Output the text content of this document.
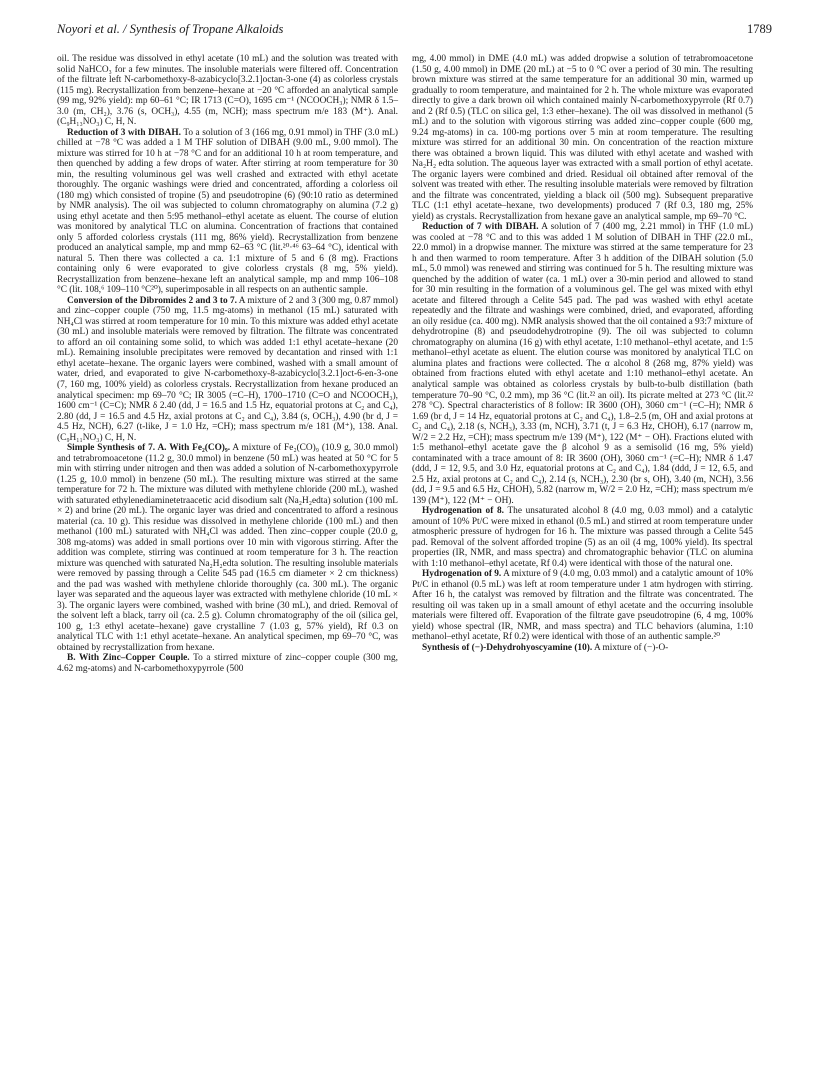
Noyori et al. / Synthesis of Tropane Alkaloids	1789

oil. The residue was dissolved in ethyl acetate (10 mL) and the solution was treated with solid NaHCO₃ for a few minutes. The insoluble materials were filtered off. Concentration of the filtrate left N-carbomethoxy-8-azabicyclo[3.2.1]octan-3-one (4) as colorless crystals (115 mg). Recrystallization from benzene–hexane at −20 °C afforded an analytical sample (99 mg, 92% yield): mp 60–61 °C; IR 1713 (C=O), 1695 cm⁻¹ (NCOOCH₃); NMR δ 1.5–3.0 (m, CH₂), 3.76 (s, OCH₃), 4.55 (m, NCH); mass spectrum m/e 183 (M⁺). Anal. (C₉H₁₃NO₃) C, H, N.

Reduction of 3 with DIBAH. To a solution of 3 (166 mg, 0.91 mmol) in THF (3.0 mL) chilled at −78 °C was added a 1 M THF solution of DIBAH (9.00 mL, 9.00 mmol). The mixture was stirred for 10 h at −78 °C and for an additional 10 h at room temperature, and then quenched by adding a few drops of water. After stirring at room temperature for 30 min, the resulting voluminous gel was well crashed and extracted with ethyl acetate thoroughly. The organic washings were dried and concentrated, affording a colorless oil (180 mg) which consisted of tropine (5) and pseudotropine (6) (90:10 ratio as determined by NMR analysis). The oil was subjected to column chromatography on alumina (7.2 g) using ethyl acetate and then 5:95 methanol–ethyl acetate as eluent. The course of elution was monitored by analytical TLC on alumina. Concentration of fractions that contained only 5 afforded colorless crystals (111 mg, 86% yield). Recrystallization from benzene produced an analytical sample, mp and mmp 62–63 °C (lit.²⁰·⁴⁶ 63–64 °C), identical with natural 5. Then there was collected a ca. 1:1 mixture of 5 and 6 (8 mg). Fractions containing only 6 were evaporated to give colorless crystals (8 mg, 5% yield). Recrystallization from benzene–hexane left an analytical sample, mp and mmp 106–108 °C (lit. 108,⁶ 109–110 °C²⁰), superimposable in all respects on an authentic sample.

Conversion of the Dibromides 2 and 3 to 7. A mixture of 2 and 3 (300 mg, 0.87 mmol) and zinc–copper couple (750 mg, 11.5 mg-atoms) in methanol (15 mL) saturated with NH₄Cl was stirred at room temperature for 10 min. To this mixture was added ethyl acetate (30 mL) and insoluble materials were removed by filtration. The filtrate was concentrated to afford an oil containing some solid, to which was added 1:1 ethyl acetate–hexane (20 mL). Remaining insoluble precipitates were removed by decantation and rinsed with 1:1 ethyl acetate–hexane. The organic layers were combined, washed with a small amount of water, dried, and evaporated to give N-carbomethoxy-8-azabicyclo[3.2.1]oct-6-en-3-one (7, 160 mg, 100% yield) as colorless crystals. Recrystallization from hexane produced an analytical specimen: mp 69–70 °C; IR 3005 (=C–H), 1700–1710 (C=O and NCOOCH₃), 1600 cm⁻¹ (C=C); NMR δ 2.40 (dd, J = 16.5 and 1.5 Hz, equatorial protons at C₂ and C₄), 2.80 (dd, J = 16.5 and 4.5 Hz, axial protons at C₂ and C₄), 3.84 (s, OCH₃), 4.90 (br d, J = 4.5 Hz, NCH), 6.27 (t-like, J = 1.0 Hz, =CH); mass spectrum m/e 181 (M⁺), 138. Anal. (C₉H₁₁NO₃) C, H, N.

Simple Synthesis of 7. A. With Fe₂(CO)₉. A mixture of Fe₂(CO)₉ (10.9 g, 30.0 mmol) and tetrabromoacetone (11.2 g, 30.0 mmol) in benzene (50 mL) was heated at 50 °C for 5 min with stirring under nitrogen and then was added a solution of N-carbomethoxypyrrole (1.25 g, 10.0 mmol) in benzene (50 mL). The resulting mixture was stirred at the same temperature for 72 h. The mixture was diluted with methylene chloride (200 mL), washed with saturated ethylenediaminetetraacetic acid disodium salt (Na₂H₂edta) solution (100 mL × 2) and brine (20 mL). The organic layer was dried and concentrated to afford a resinous material (ca. 10 g). This residue was dissolved in methylene chloride (100 mL) and then methanol (100 mL) saturated with NH₄Cl was added. Then zinc–copper couple (20.0 g, 308 mg-atoms) was added in small portions over 10 min with vigorous stirring. After the addition was complete, stirring was continued at room temperature for 3 h. The reaction mixture was quenched with saturated Na₂H₂edta solution. The resulting insoluble materials were removed by passing through a Celite 545 pad (16.5 cm diameter × 2 cm thickness) and the pad was washed with methylene chloride thoroughly (ca. 300 mL). The organic layer was separated and the aqueous layer was extracted with methylene chloride (10 mL × 3). The organic layers were combined, washed with brine (30 mL), and dried. Removal of the solvent left a black, tarry oil (ca. 2.5 g). Column chromatography of the oil (silica gel, 100 g, 1:3 ethyl acetate–hexane) gave crystalline 7 (1.03 g, 57% yield), Rf 0.3 on analytical TLC with 1:1 ethyl acetate–hexane. An analytical specimen, mp 69–70 °C, was obtained by recrystallization from hexane.

B. With Zinc–Copper Couple. To a stirred mixture of zinc–copper couple (300 mg, 4.62 mg-atoms) and N-carbomethoxypyrrole (500

mg, 4.00 mmol) in DME (4.0 mL) was added dropwise a solution of tetrabromoacetone (1.50 g, 4.00 mmol) in DME (20 mL) at −5 to 0 °C over a period of 30 min. The resulting brown mixture was stirred at the same temperature for an additional 30 min, warmed up gradually to room temperature, and maintained for 2 h. The whole mixture was evaporated directly to give a dark brown oil which contained mainly N-carbomethoxypyrrole (Rf 0.7) and 2 (Rf 0.5) (TLC on silica gel, 1:3 ether–hexane). The oil was dissolved in methanol (5 mL) and to the solution with vigorous stirring was added zinc–copper couple (600 mg, 9.24 mg-atoms) in ca. 100-mg portions over 5 min at room temperature. The resulting mixture was stirred for an additional 30 min. On concentration of the reaction mixture there was obtained a brown liquid. This was diluted with ethyl acetate and washed with Na₂H₂ edta solution. The aqueous layer was extracted with a small portion of ethyl acetate. The organic layers were combined and dried. Residual oil obtained after removal of the solvent was treated with ether. The resulting insoluble materials were removed by filtration and the filtrate was concentrated, yielding a black oil (500 mg). Subsequent preparative TLC (1:1 ethyl acetate–hexane, two developments) produced 7 (Rf 0.3, 180 mg, 25% yield) as crystals. Recrystallization from hexane gave an analytical sample, mp 69–70 °C.

Reduction of 7 with DIBAH. A solution of 7 (400 mg, 2.21 mmol) in THF (1.0 mL) was cooled at −78 °C and to this was added 1 M solution of DIBAH in THF (22.0 mL, 22.0 mmol) in a dropwise manner. The mixture was stirred at the same temperature for 23 h and then warmed to room temperature. After 3 h addition of the DIBAH solution (5.0 mL, 5.0 mmol) was renewed and stirring was continued for 5 h. The resulting mixture was quenched by the addition of water (ca. 1 mL) over a 30-min period and allowed to stand for 30 min resulting in the formation of a voluminous gel. The gel was mixed with ethyl acetate and filtered through a Celite 545 pad. The pad was washed with ethyl acetate repeatedly and the filtrate and washings were combined, dried, and evaporated, affording an oily residue (ca. 400 mg). NMR analysis showed that the oil contained a 93:7 mixture of dehydrotropine (8) and pseudodehydrotropine (9). The oil was subjected to column chromatography on alumina (16 g) with ethyl acetate, 1:10 methanol–ethyl acetate, and 1:5 methanol–ethyl acetate as eluent. The elution course was monitored by analytical TLC on alumina plates and fractions were collected. The α alcohol 8 (268 mg, 87% yield) was obtained from fractions eluted with ethyl acetate and 1:10 methanol–ethyl acetate. An analytical sample was obtained as colorless crystals by bulb-to-bulb distillation (bath temperature 70–90 °C, 0.2 mm), mp 36 °C (lit.²² an oil). Its picrate melted at 273 °C (lit.²² 278 °C). Spectral characteristics of 8 follow: IR 3600 (OH), 3060 cm⁻¹ (=C–H); NMR δ 1.69 (br d, J = 14 Hz, equatorial protons at C₂ and C₄), 1.8–2.5 (m, OH and axial protons at C₂ and C₄), 2.18 (s, NCH₃), 3.33 (m, NCH), 3.71 (t, J = 6.3 Hz, CHOH), 6.17 (narrow m, W/2 = 2.2 Hz, =CH); mass spectrum m/e 139 (M⁺), 122 (M⁺ − OH). Fractions eluted with 1:5 methanol–ethyl acetate gave the β alcohol 9 as a semisolid (16 mg, 5% yield) contaminated with a trace amount of 8: IR 3600 (OH), 3060 cm⁻¹ (=C–H); NMR δ 1.47 (ddd, J = 12, 9.5, and 3.0 Hz, equatorial protons at C₂ and C₄), 1.84 (ddd, J = 12, 6.5, and 2.5 Hz, axial protons at C₂ and C₄), 2.14 (s, NCH₃), 2.30 (br s, OH), 3.40 (m, NCH), 3.56 (dd, J = 9.5 and 6.5 Hz, CHOH), 5.82 (narrow m, W/2 = 2.0 Hz, =CH); mass spectrum m/e 139 (M⁺), 122 (M⁺ − OH).

Hydrogenation of 8. The unsaturated alcohol 8 (4.0 mg, 0.03 mmol) and a catalytic amount of 10% Pt/C were mixed in ethanol (0.5 mL) and stirred at room temperature under atmospheric pressure of hydrogen for 16 h. The mixture was passed through a Celite 545 pad. Removal of the solvent afforded tropine (5) as an oil (4 mg, 100% yield). Its spectral properties (IR, NMR, and mass spectra) and chromatographic behavior (TLC on alumina with 1:10 methanol–ethyl acetate, Rf 0.4) were identical with those of the natural one.

Hydrogenation of 9. A mixture of 9 (4.0 mg, 0.03 mmol) and a catalytic amount of 10% Pt/C in ethanol (0.5 mL) was left at room temperature under 1 atm hydrogen with stirring. After 16 h, the catalyst was removed by filtration and the filtrate was concentrated. The resulting oil was taken up in a small amount of ethyl acetate and the occurring insoluble materials were filtered off. Evaporation of the filtrate gave pseudotropine (6, 4 mg, 100% yield) whose spectral (IR, NMR, and mass spectra) and TLC behaviors (alumina, 1:10 methanol–ethyl acetate, Rf 0.2) were identical with those of an authentic sample.²⁰

Synthesis of (−)-Dehydrohyoscyamine (10). A mixture of (−)-O-
